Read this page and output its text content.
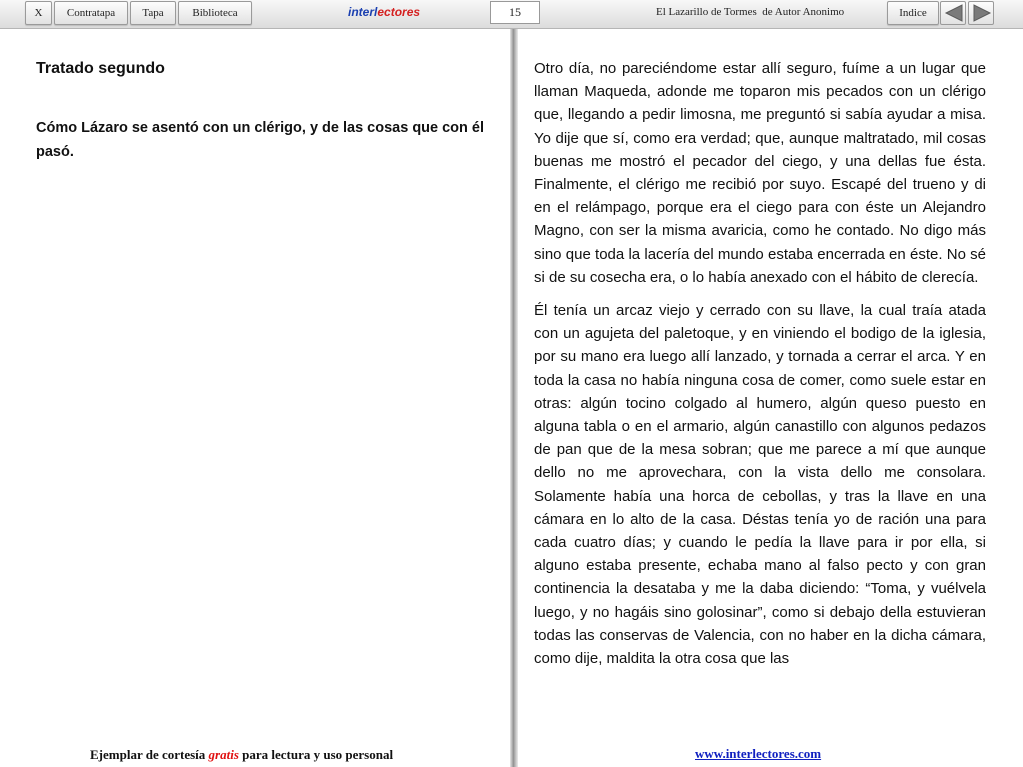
X	Contratapa	Tapa	Biblioteca	interlectores	15	El Lazarillo de Tormes  de Autor Anonimo	Indice
Tratado segundo
Cómo Lázaro se asentó con un clérigo, y de las cosas que con él pasó.

Otro día, no pareciéndome estar allí seguro, fuíme a un lugar que llaman Maqueda, adonde me toparon mis pecados con un clérigo que, llegando a pedir limosna, me preguntó si sabía ayudar a misa. Yo dije que sí, como era verdad; que, aunque maltratado, mil cosas buenas me mostró el pecador del ciego, y una dellas fue ésta. Finalmente, el clérigo me recibió por suyo. Escapé del trueno y di en el relámpago, porque era el ciego para con éste un Alejandro Magno, con ser la misma avaricia, como he contado. No digo más sino que toda la lacería del mundo estaba encerrada en éste. No sé si de su cosecha era, o lo había anexado con el hábito de clerecía.

Él tenía un arcaz viejo y cerrado con su llave, la cual traía atada con un agujeta del paletoque, y en viniendo el bodigo de la iglesia, por su mano era luego allí lanzado, y tornada a cerrar el arca. Y en toda la casa no había ninguna cosa de comer, como suele estar en otras: algún tocino colgado al humero, algún queso puesto en alguna tabla o en el armario, algún canastillo con algunos pedazos de pan que de la mesa sobran; que me parece a mí que aunque dello no me aprovechara, con la vista dello me consolara. Solamente había una horca de cebollas, y tras la llave en una cámara en lo alto de la casa. Déstas tenía yo de ración una para cada cuatro días; y cuando le pedía la llave para ir por ella, si alguno estaba presente, echaba mano al falso pecto y con gran continencia la desataba y me la daba diciendo: “Toma, y vuélvela luego, y no hagáis sino golosinar”, como si debajo della estuvieran todas las conservas de Valencia, con no haber en la dicha cámara, como dije, maldita la otra cosa que las

Ejemplar de cortesía gratis para lectura y uso personal	www.interlectores.com
